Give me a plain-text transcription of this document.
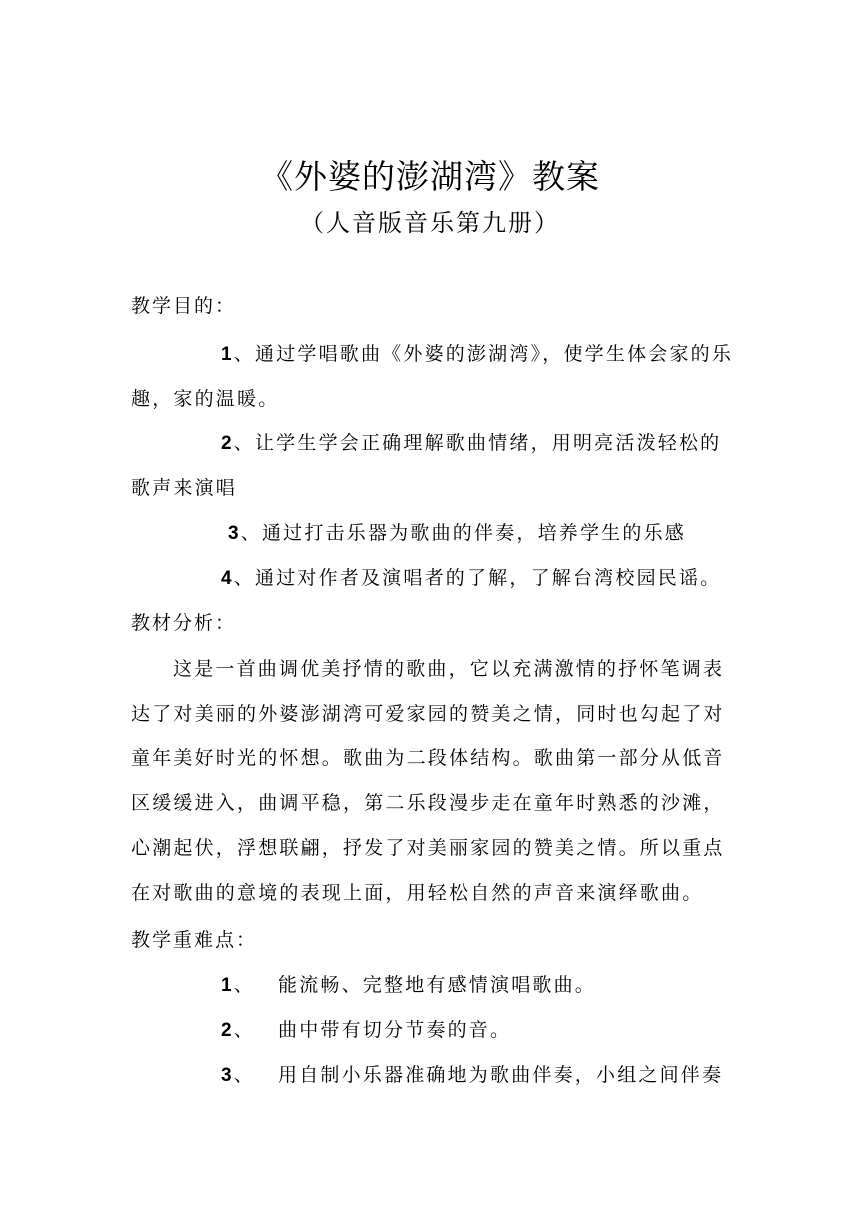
《外婆的澎湖湾》教案
（人音版音乐第九册）
教学目的：
1、通过学唱歌曲《外婆的澎湖湾》，使学生体会家的乐
趣，家的温暖。
2、让学生学会正确理解歌曲情绪，用明亮活泼轻松的
歌声来演唱
3、通过打击乐器为歌曲的伴奏，培养学生的乐感
4、通过对作者及演唱者的了解，了解台湾校园民谣。
教材分析：
这是一首曲调优美抒情的歌曲，它以充满激情的抒怀笔调表
达了对美丽的外婆澎湖湾可爱家园的赞美之情，同时也勾起了对
童年美好时光的怀想。歌曲为二段体结构。歌曲第一部分从低音
区缓缓进入，曲调平稳，第二乐段漫步走在童年时熟悉的沙滩，
心潮起伏，浮想联翩，抒发了对美丽家园的赞美之情。所以重点
在对歌曲的意境的表现上面，用轻松自然的声音来演绎歌曲。
教学重难点：
1、 能流畅、完整地有感情演唱歌曲。
2、 曲中带有切分节奏的音。
3、 用自制小乐器准确地为歌曲伴奏，小组之间伴奏
